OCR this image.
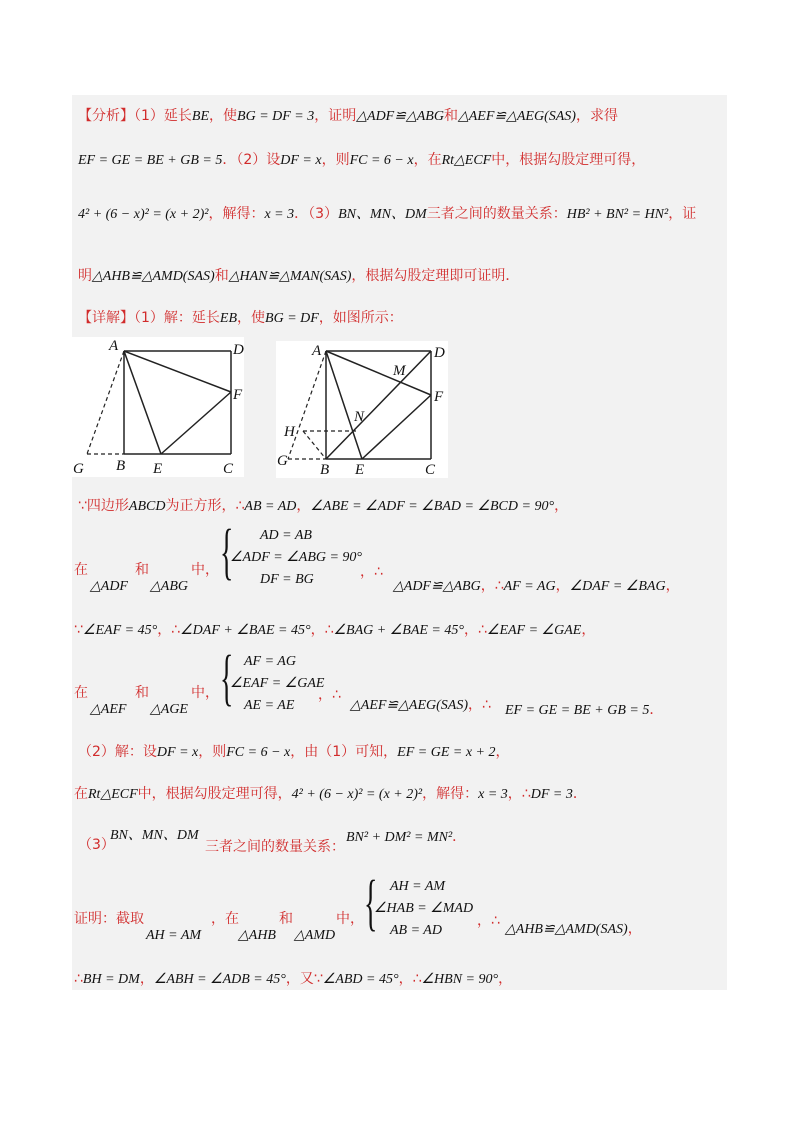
【分析】（1）延长BE，使BG = DF = 3，证明△ADF≌△ABG和△AEF≌△AEG(SAS)，求得
EF = GE = BE + GB = 5．（2）设DF = x，则FC = 6 − x，在Rt△ECF中，根据勾股定理可得，
4² + (6 − x)² = (x + 2)²，解得：x = 3．（3）BN、MN、DM三者之间的数量关系：HB² + BN² = HN²，证
明△AHB≌△AMD(SAS)和△HAN≌△MAN(SAS)，根据勾股定理即可证明．
【详解】（1）解：延长EB，使BG = DF，如图所示：
A	D
F
G B E	C
A	D
M
F
N
H
G
B E	C
∵四边形ABCD为正方形，∴AB = AD，∠ABE = ∠ADF = ∠BAD = ∠BCD = 90°，
{	AD = AB
∠ADF = ∠ABG = 90°
DF = BG
在
△ADF
和
△ABG
中，	，∴
△ADF≌△ABG，∴AF = AG，∠DAF = ∠BAG，
∵∠EAF = 45°，∴∠DAF + ∠BAE = 45°，∴∠BAG + ∠BAE = 45°，∴∠EAF = ∠GAE，
{ AF = AG
∠EAF = ∠GAE
AE = AE
在
△AEF
和
△AGE
中，	，∴
△AEF≌△AEG(SAS)，∴ EF = GE = BE + GB = 5．
（2）解：设DF = x，则FC = 6 − x，由（1）可知，EF = GE = x + 2，
在Rt△ECF中，根据勾股定理可得，4² + (6 − x)² = (x + 2)²，解得：x = 3，∴DF = 3．
（3）
BN、MN、DM
三者之间的数量关系：
BN² + DM² = MN²．
{ AH = AM
∠HAB = ∠MAD
AB = AD
证明：截取
AH = AM
，在
△AHB
和
△AMD
中，	，∴
△AHB≌△AMD(SAS)，
∴BH = DM，∠ABH = ∠ADB = 45°，又∵∠ABD = 45°，∴∠HBN = 90°，
